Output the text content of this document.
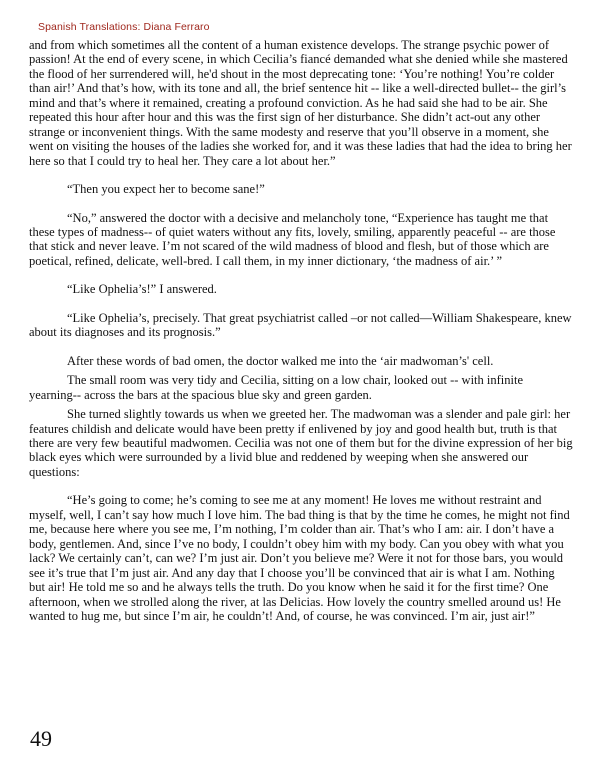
Spanish Translations: Diana Ferraro

and from which sometimes all the content of a human existence develops. The strange psychic power of passion! At the end of every scene, in which Cecilia’s fiancé demanded what she denied while she mastered the flood of her surrendered will, he'd shout in the most deprecating tone: ‘You’re nothing! You’re colder than air!’ And that’s how, with its tone and all, the brief sentence hit -- like a well-directed bullet-- the girl’s mind and that’s where it remained, creating a profound conviction. As he had said she had to be air. She repeated this hour after hour and this was the first sign of her disturbance. She didn’t act-out any other strange or inconvenient things. With the same modesty and reserve that you’ll observe in a moment, she went on visiting the houses of the ladies she worked for, and it was these ladies that had the idea to bring her here so that I could try to heal her. They care a lot about her.”

“Then you expect her to become sane!”

“No,” answered the doctor with a decisive and melancholy tone, “Experience has taught me that these types of madness-- of quiet waters without any fits, lovely, smiling, apparently peaceful -- are those that stick and never leave. I’m not scared of the wild madness of blood and flesh, but of those which are poetical, refined, delicate, well-bred. I call them, in my inner dictionary, ‘the madness of air.’ ”

“Like Ophelia’s!” I answered.

“Like Ophelia’s, precisely. That great psychiatrist called –or not called—William Shakespeare, knew about its diagnoses and its prognosis.”

After these words of bad omen, the doctor walked me into the ‘air madwoman’s' cell.

The small room was very tidy and Cecilia, sitting on a low chair, looked out -- with infinite yearning-- across the bars at the spacious blue sky and green garden.

She turned slightly towards us when we greeted her. The madwoman was a slender and pale girl: her features childish and delicate would have been pretty if enlivened by joy and good health but, truth is that there are very few beautiful madwomen. Cecilia was not one of them but for the divine expression of her big black eyes which were surrounded by a livid blue and reddened by weeping when she answered our questions:

“He’s going to come; he’s coming to see me at any moment! He loves me without restraint and myself, well, I can’t say how much I love him. The bad thing is that by the time he comes, he might not find me, because here where you see me, I’m nothing, I’m colder than air. That’s who I am: air. I don’t have a body, gentlemen. And, since I’ve no body, I couldn’t obey him with my body. Can you obey with what you lack? We certainly can’t, can we? I’m just air. Don’t you believe me? Were it not for those bars, you would see it’s true that I’m just air. And any day that I choose you’ll be convinced that air is what I am. Nothing but air! He told me so and he always tells the truth. Do you know when he said it for the first time? One afternoon, when we strolled along the river, at las Delicias. How lovely the country smelled around us! He wanted to hug me, but since I’m air, he couldn’t! And, of course, he was convinced. I’m air, just air!”

49
